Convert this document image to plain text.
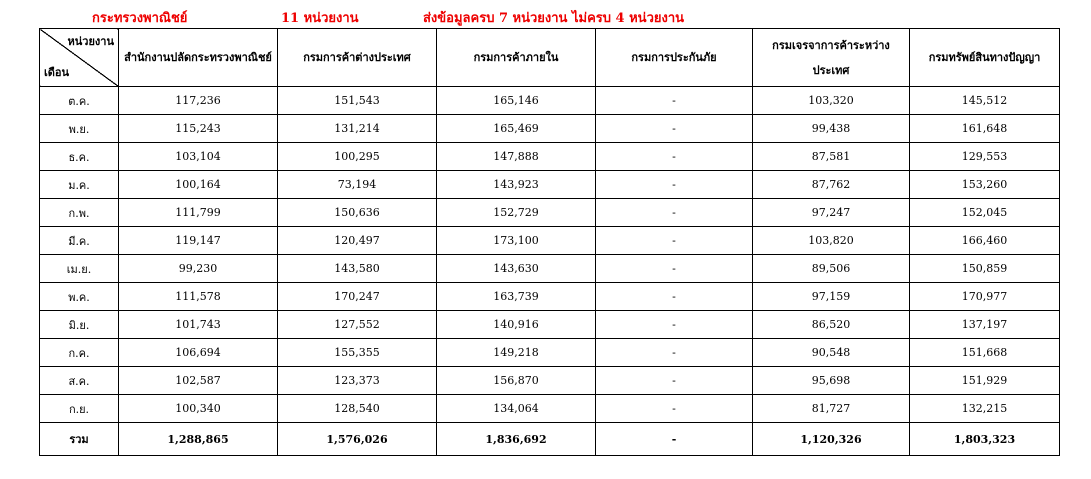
กระทรวงพาณิชย์	11 หน่วยงาน	ส่งข้อมูลครบ 7 หน่วยงาน ไม่ครบ 4 หน่วยงาน
หน่วยงาน
เดือน	สำนักงานปลัดกระทรวงพาณิชย์	กรมการค้าต่างประเทศ	กรมการค้าภายใน	กรมการประกันภัย	กรมเจรจาการค้าระหว่างประเทศ	กรมทรัพย์สินทางปัญญา
ต.ค.	117,236	151,543	165,146	-	103,320	145,512
พ.ย.	115,243	131,214	165,469	-	99,438	161,648
ธ.ค.	103,104	100,295	147,888	-	87,581	129,553
ม.ค.	100,164	73,194	143,923	-	87,762	153,260
ก.พ.	111,799	150,636	152,729	-	97,247	152,045
มี.ค.	119,147	120,497	173,100	-	103,820	166,460
เม.ย.	99,230	143,580	143,630	-	89,506	150,859
พ.ค.	111,578	170,247	163,739	-	97,159	170,977
มิ.ย.	101,743	127,552	140,916	-	86,520	137,197
ก.ค.	106,694	155,355	149,218	-	90,548	151,668
ส.ค.	102,587	123,373	156,870	-	95,698	151,929
ก.ย.	100,340	128,540	134,064	-	81,727	132,215
รวม	1,288,865	1,576,026	1,836,692	-	1,120,326	1,803,323
